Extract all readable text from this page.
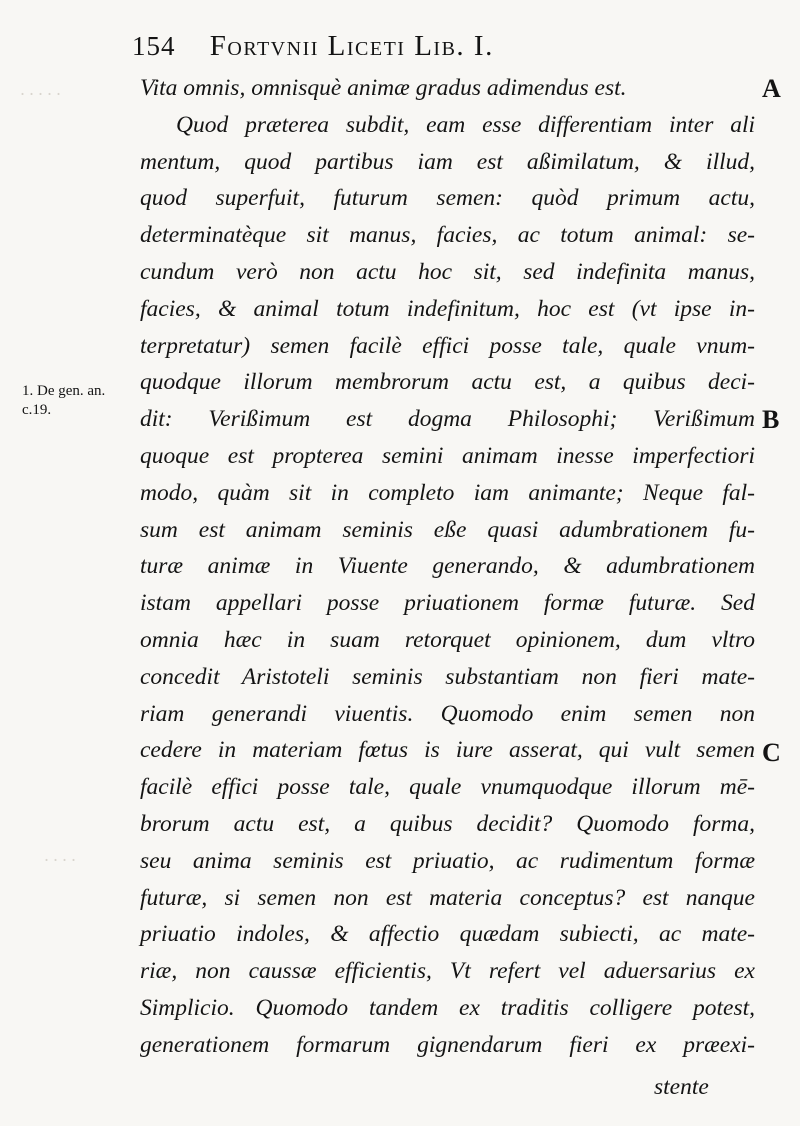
· · · · ·
· · · ·
154 Fortvnii Liceti Lib. I.
1. De gen. an.
c.19.
A
B
C
Vita omnis, omnisquè animæ gradus adimendus est.
Quod præterea subdit, eam esse differentiam inter ali
mentum, quod partibus iam est aßimilatum, & illud,
quod superfuit, futurum semen: quòd primum actu,
determinatèque sit manus, facies, ac totum animal: se-
cundum verò non actu hoc sit, sed indefinita manus,
facies, & animal totum indefinitum, hoc est (vt ipse in-
terpretatur) semen facilè effici posse tale, quale vnum-
quodque illorum membrorum actu est, a quibus deci-
dit: Verißimum est dogma Philosophi; Verißimum
quoque est propterea semini animam inesse imperfectiori
modo, quàm sit in completo iam animante; Neque fal-
sum est animam seminis eße quasi adumbrationem fu-
turæ animæ in Viuente generando, & adumbrationem
istam appellari posse priuationem formæ futuræ. Sed
omnia hæc in suam retorquet opinionem, dum vltro
concedit Aristoteli seminis substantiam non fieri mate-
riam generandi viuentis. Quomodo enim semen non
cedere in materiam fœtus is iure asserat, qui vult semen
facilè effici posse tale, quale vnumquodque illorum mē-
brorum actu est, a quibus decidit? Quomodo forma,
seu anima seminis est priuatio, ac rudimentum formæ
futuræ, si semen non est materia conceptus? est nanque
priuatio indoles, & affectio quædam subiecti, ac mate-
riæ, non caussæ efficientis, Vt refert vel aduersarius ex
Simplicio. Quomodo tandem ex traditis colligere potest,
generationem formarum gignendarum fieri ex præexi-
stente
